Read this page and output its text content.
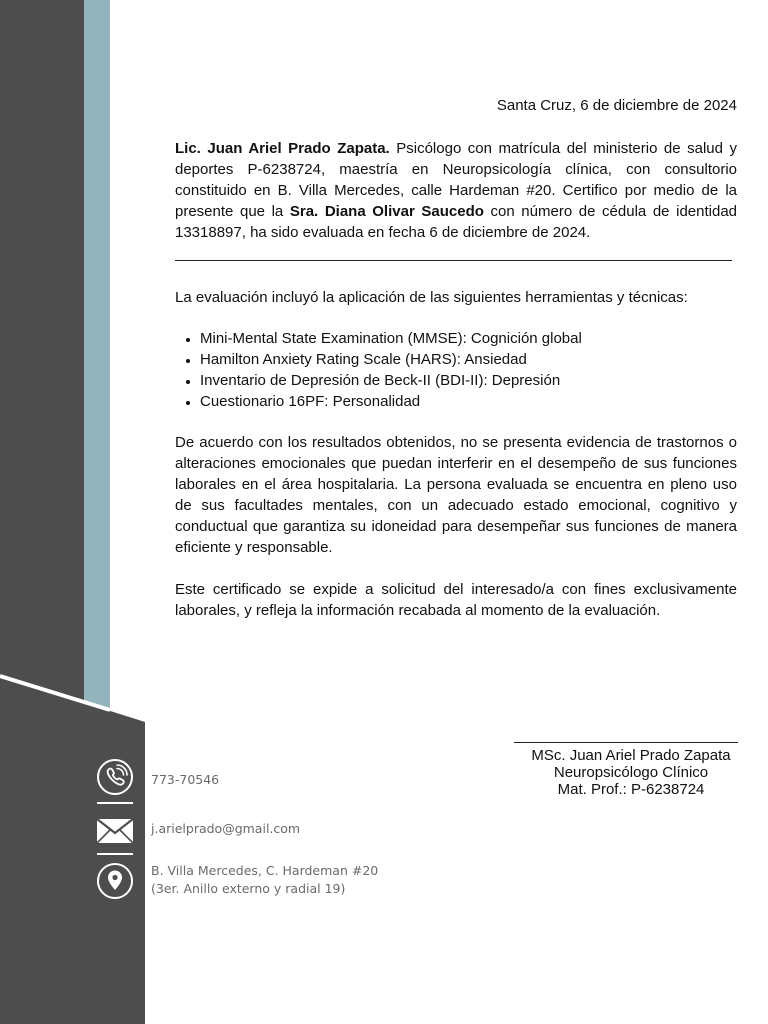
Santa Cruz, 6 de diciembre de 2024

Lic. Juan Ariel Prado Zapata. Psicólogo con matrícula del ministerio de salud y deportes P-6238724, maestría en Neuropsicología clínica, con consultorio constituido en B. Villa Mercedes, calle Hardeman #20. Certifico por medio de la presente que la Sra. Diana Olivar Saucedo con número de cédula de identidad 13318897, ha sido evaluada en fecha 6 de diciembre de 2024.

La evaluación incluyó la aplicación de las siguientes herramientas y técnicas:

Mini-Mental State Examination (MMSE): Cognición global
Hamilton Anxiety Rating Scale (HARS): Ansiedad
Inventario de Depresión de Beck-II (BDI-II): Depresión
Cuestionario 16PF: Personalidad

De acuerdo con los resultados obtenidos, no se presenta evidencia de trastornos o alteraciones emocionales que puedan interferir en el desempeño de sus funciones laborales en el área hospitalaria. La persona evaluada se encuentra en pleno uso de sus facultades mentales, con un adecuado estado emocional, cognitivo y conductual que garantiza su idoneidad para desempeñar sus funciones de manera eficiente y responsable.

Este certificado se expide a solicitud del interesado/a con fines exclusivamente laborales, y refleja la información recabada al momento de la evaluación.

MSc. Juan Ariel Prado Zapata
Neuropsicólogo Clínico
Mat. Prof.: P-6238724
773-70546
j.arielprado@gmail.com
B. Villa Mercedes, C. Hardeman #20
(3er. Anillo externo y radial 19)
